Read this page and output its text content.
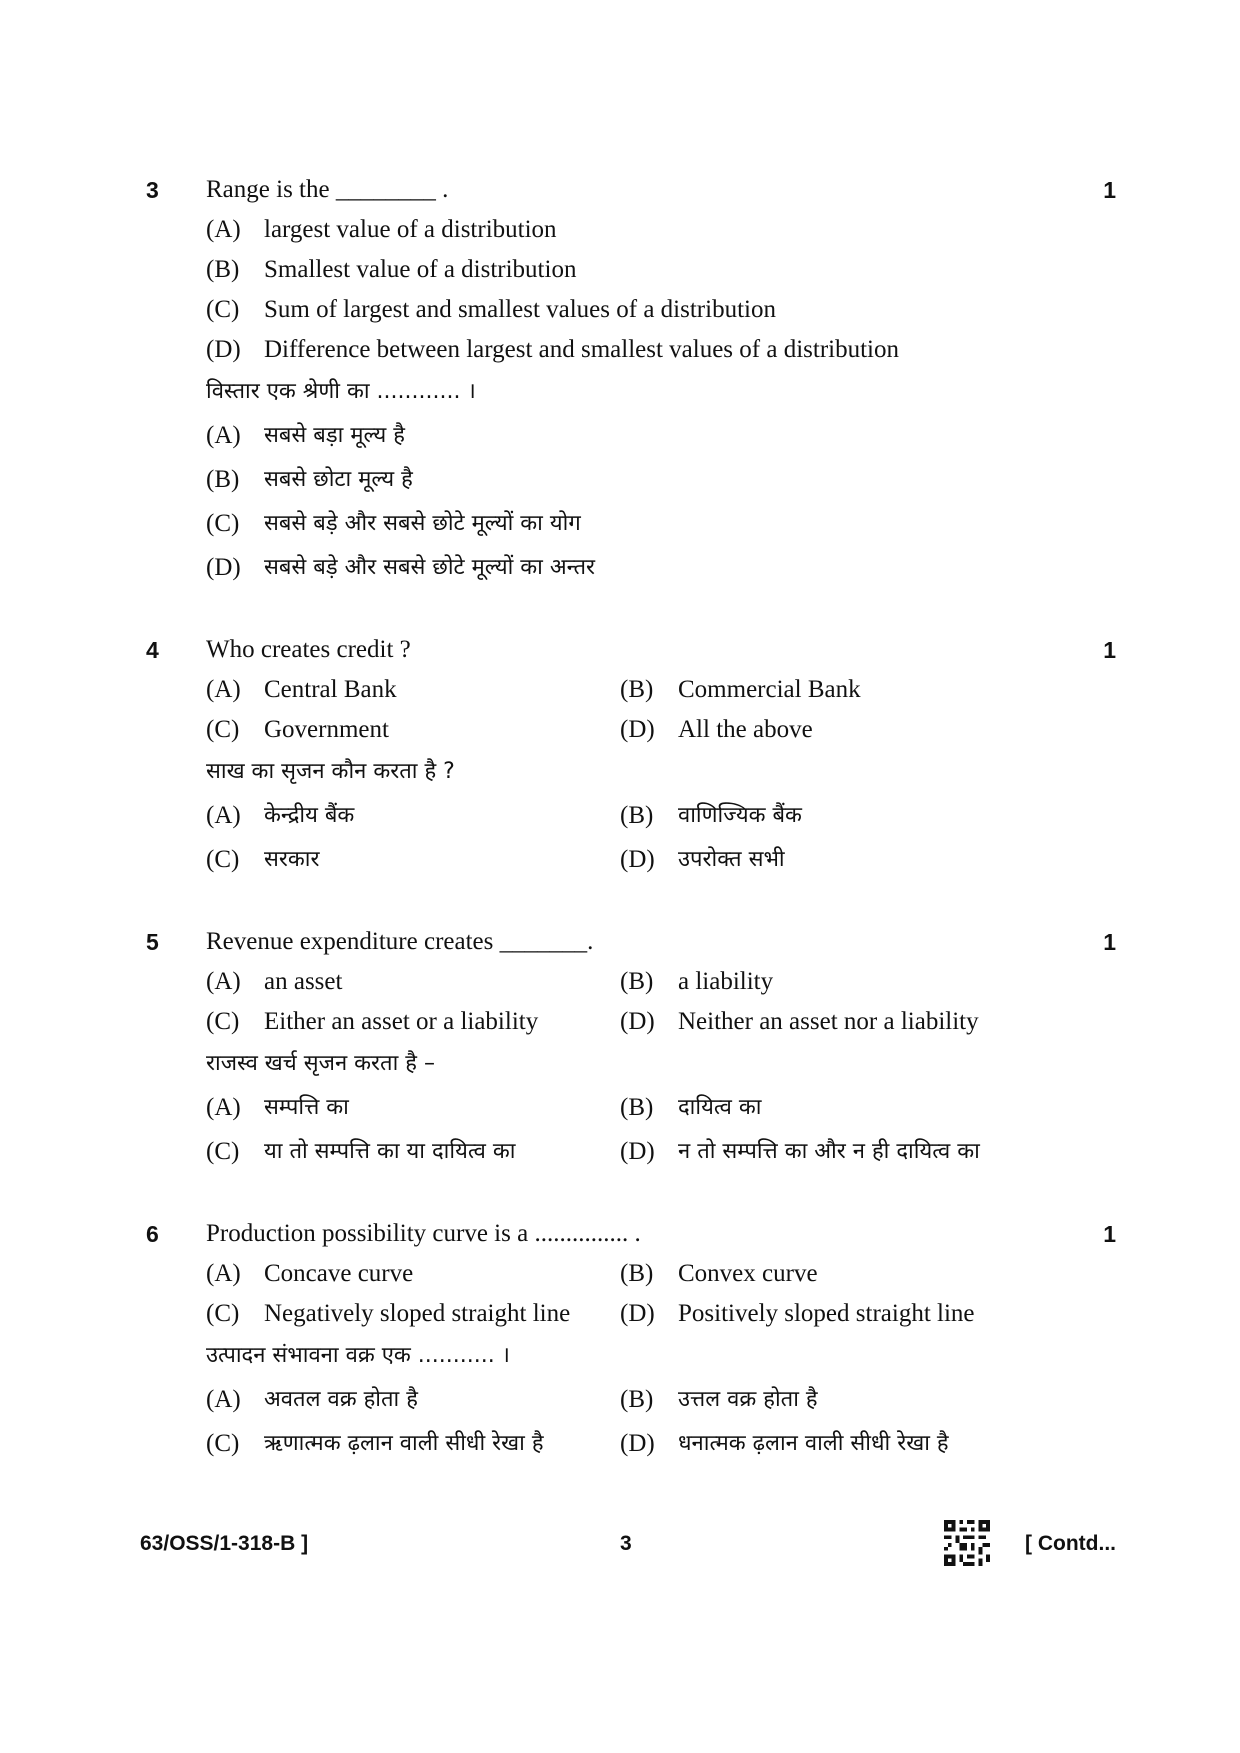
3 Range is the ________ .	1
(A) largest value of a distribution
(B) Smallest value of a distribution
(C) Sum of largest and smallest values of a distribution
(D) Difference between largest and smallest values of a distribution
विस्तार एक श्रेणी का ............ ।
(A) सबसे बड़ा मूल्य है
(B) सबसे छोटा मूल्य है
(C) सबसे बड़े और सबसे छोटे मूल्यों का योग
(D) सबसे बड़े और सबसे छोटे मूल्यों का अन्तर
4 Who creates credit ?	1
(A) Central Bank	(B) Commercial Bank
(C) Government	(D) All the above
साख का सृजन कौन करता है ?
(A) केन्द्रीय बैंक	(B) वाणिज्यिक बैंक
(C) सरकार	(D) उपरोक्त सभी
5 Revenue expenditure creates _______.	1
(A) an asset	(B) a liability
(C) Either an asset or a liability	(D) Neither an asset nor a liability
राजस्व खर्च सृजन करता है –
(A) सम्पत्ति का	(B) दायित्व का
(C) या तो सम्पत्ति का या दायित्व का	(D) न तो सम्पत्ति का और न ही दायित्व का
6 Production possibility curve is a ............... .	1
(A) Concave curve	(B) Convex curve
(C) Negatively sloped straight line (D) Positively sloped straight line
उत्पादन संभावना वक्र एक ........... ।
(A) अवतल वक्र होता है	(B) उत्तल वक्र होता है
(C) ऋणात्मक ढ़लान वाली सीधी रेखा है	(D) धनात्मक ढ़लान वाली सीधी रेखा है
63/OSS/1-318-B ]	3	[ Contd...
